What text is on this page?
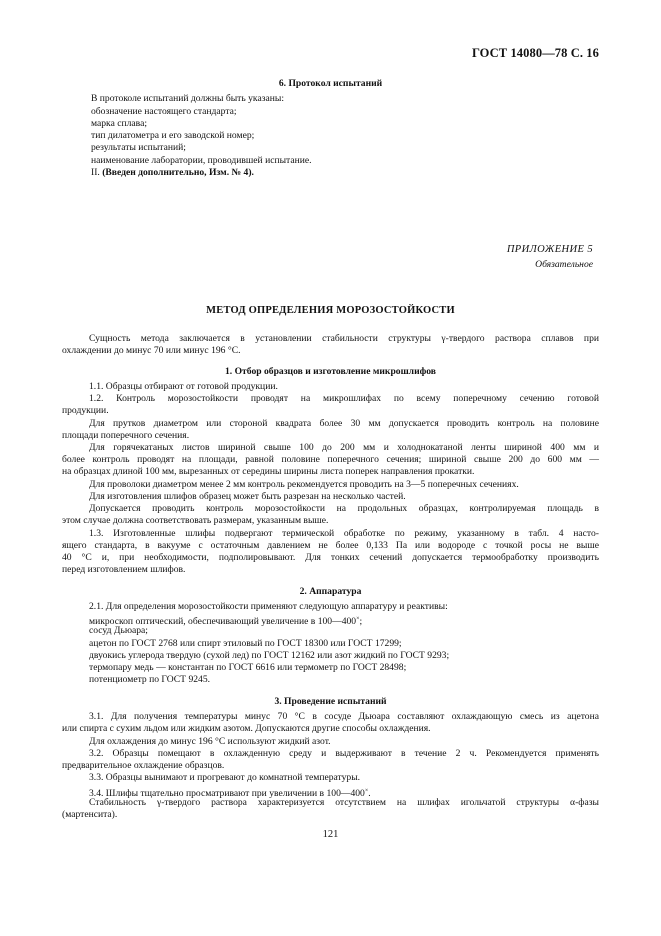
ГОСТ 14080—78 С. 16
6. Протокол испытаний
В протоколе испытаний должны быть указаны:
обозначение настоящего стандарта;
марка сплава;
тип дилатометра и его заводской номер;
результаты испытаний;
наименование лаборатории, проводившей испытание.
II. (Введен дополнительно, Изм. № 4).
ПРИЛОЖЕНИЕ 5
Обязательное
МЕТОД ОПРЕДЕЛЕНИЯ МОРОЗОСТОЙКОСТИ
Сущность метода заключается в установлении стабильности структуры γ-твердого раствора сплавов при
охлаждении до минус 70 или минус 196 °С.
1. Отбор образцов и изготовление микрошлифов
1.1. Образцы отбирают от готовой продукции.
1.2. Контроль морозостойкости проводят на микрошлифах по всему поперечному сечению готовой
продукции.
Для прутков диаметром или стороной квадрата более 30 мм допускается проводить контроль на половине
площади поперечного сечения.
Для горячекатаных листов шириной свыше 100 до 200 мм и холоднокатаной ленты шириной 400 мм и
более контроль проводят на площади, равной половине поперечного сечения; шириной свыше 200 до 600 мм —
на образцах длиной 100 мм, вырезанных от середины ширины листа поперек направления прокатки.
Для проволоки диаметром менее 2 мм контроль рекомендуется проводить на 3—5 поперечных сечениях.
Для изготовления шлифов образец может быть разрезан на несколько частей.
Допускается проводить контроль морозостойкости на продольных образцах, контролируемая площадь в
этом случае должна соответствовать размерам, указанным выше.
1.3. Изготовленные шлифы подвергают термической обработке по режиму, указанному в табл. 4 насто-
ящего стандарта, в вакууме с остаточным давлением не более 0,133 Па или водороде с точкой росы не выше
40 °С и, при необходимости, подполировывают. Для тонких сечений допускается термообработку производить
перед изготовлением шлифов.
2. Аппаратура
2.1. Для определения морозостойкости применяют следующую аппаратуру и реактивы:
микроскоп оптический, обеспечивающий увеличение в 100—400×;
сосуд Дьюара;
ацетон по ГОСТ 2768 или спирт этиловый по ГОСТ 18300 или ГОСТ 17299;
двуокись углерода твердую (сухой лед) по ГОСТ 12162 или азот жидкий по ГОСТ 9293;
термопару медь — константан по ГОСТ 6616 или термометр по ГОСТ 28498;
потенциометр по ГОСТ 9245.
3. Проведение испытаний
3.1. Для получения температуры минус 70 °С в сосуде Дьюара составляют охлаждающую смесь из ацетона
или спирта с сухим льдом или жидким азотом. Допускаются другие способы охлаждения.
Для охлаждения до минус 196 °С используют жидкий азот.
3.2. Образцы помещают в охлажденную среду и выдерживают в течение 2 ч. Рекомендуется применять
предварительное охлаждение образцов.
3.3. Образцы вынимают и прогревают до комнатной температуры.
3.4. Шлифы тщательно просматривают при увеличении в 100—400×.
Стабильность γ-твердого раствора характеризуется отсутствием на шлифах игольчатой структуры α-фазы
(мартенсита).
121
